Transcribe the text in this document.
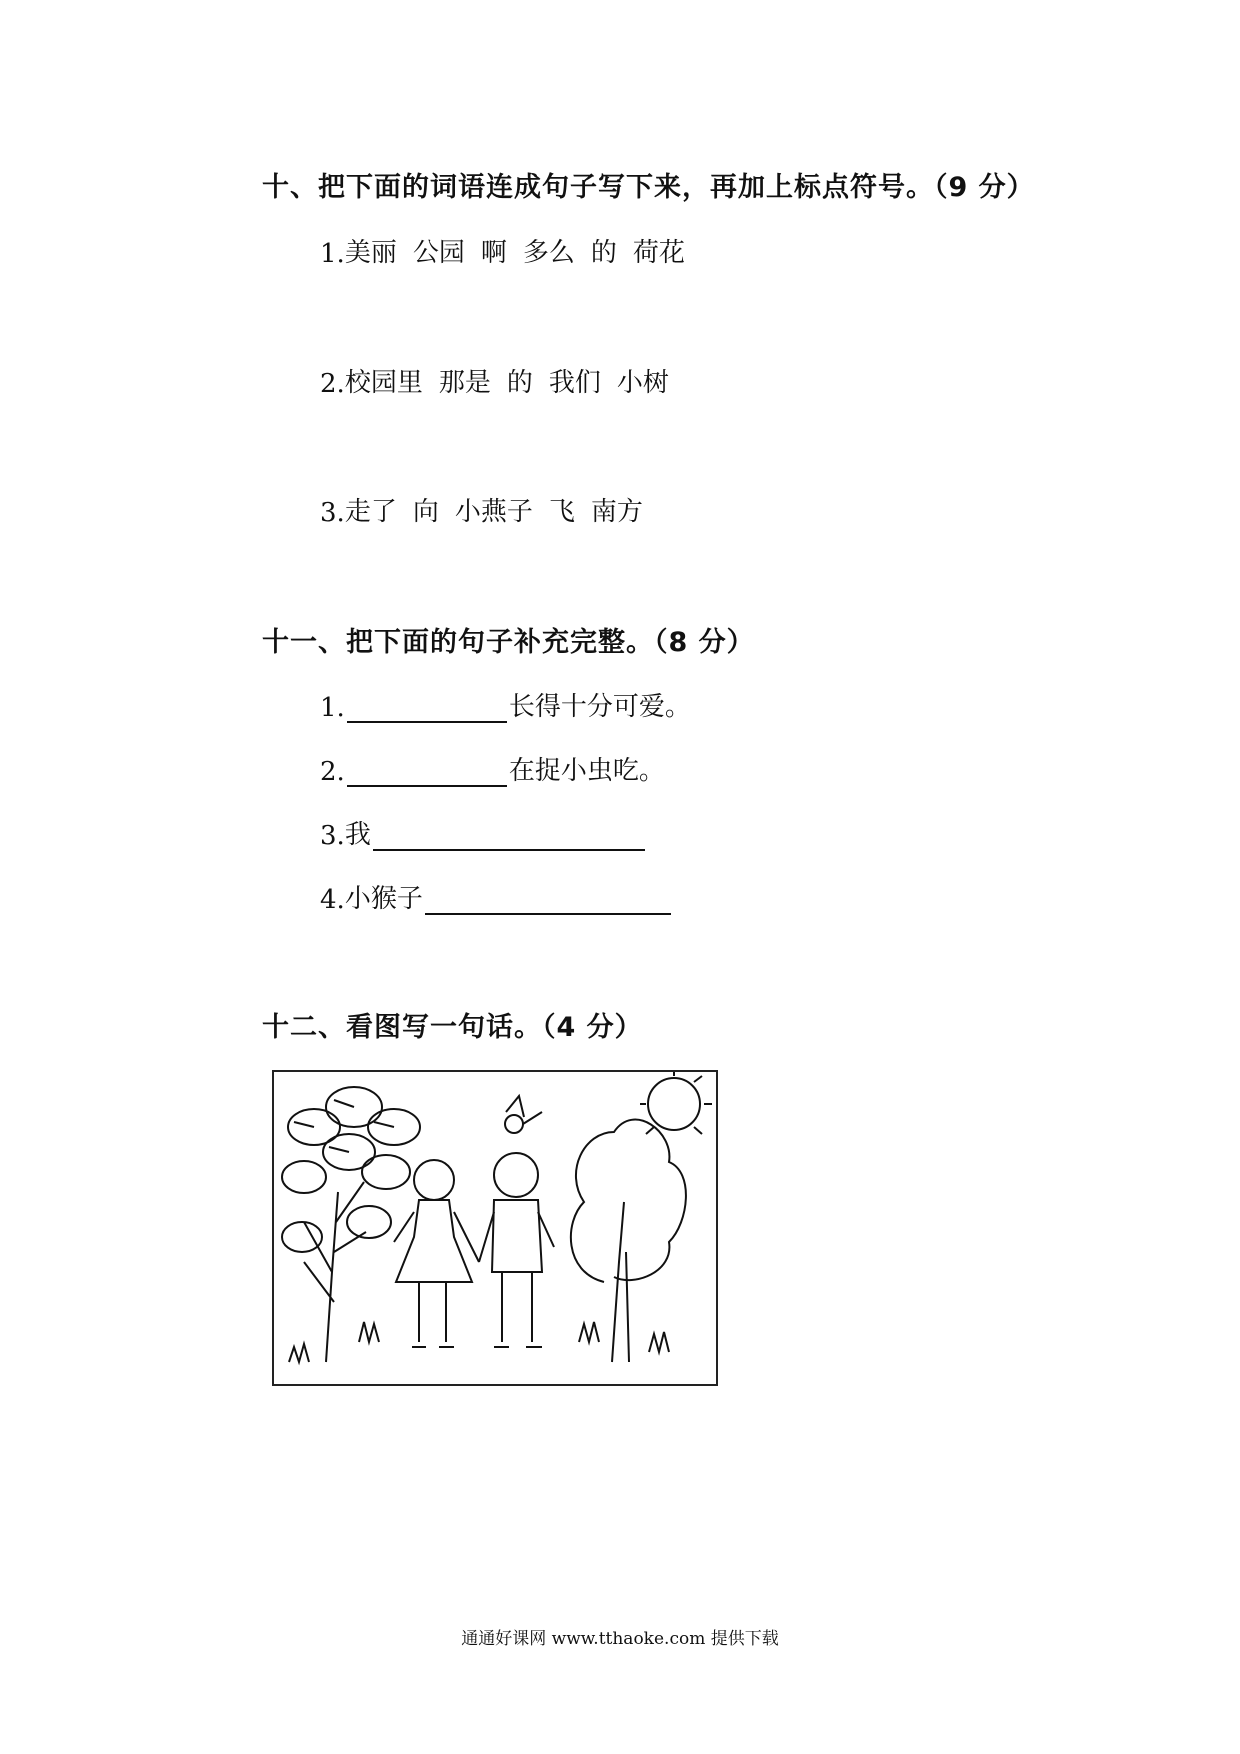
十、把下面的词语连成句子写下来，再加上标点符号。（9 分）
1. 美丽 公园 啊 多么 的 荷花
2. 校园里 那是 的 我们 小树
3. 走了 向 小燕子 飞 南方
十一、把下面的句子补充完整。（8 分）
1.	长得十分可爱。
2.	在捉小虫吃。
3. 我
4. 小猴子
十二、看图写一句话。（4 分）
通通好课网 www.tthaoke.com 提供下载
